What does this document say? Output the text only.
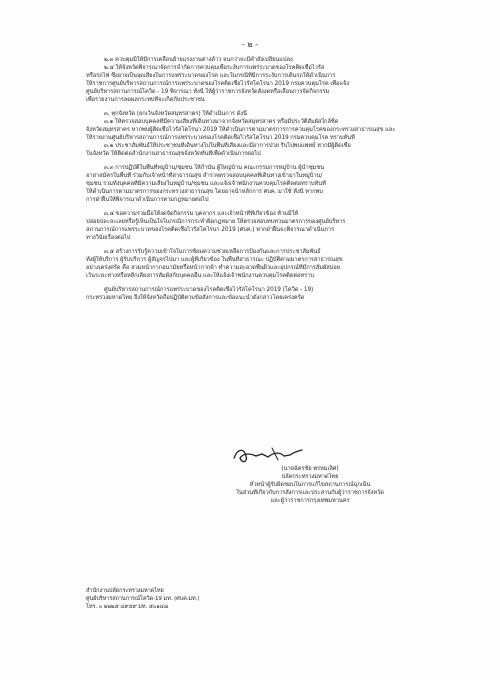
- ๒ -
๒.๓ ควบคุมมิให้มีการเคลื่อนย้ายแรงงานต่างด้าว จนกว่าจะมีคำสั่งเปลี่ยนแปลง
๒.๔ ให้จังหวัดพิจารณาจัดการจำกัดการควบคุมเพื่อระงับการแพร่ระบาดของโรคติดเชื้อไวรัส
หรือรถไฟ ซึ่งอาจเป็นจุดเสี่ยงในการแพร่ระบาดของโรค และในกรณีที่มีการระงับการเดินรถให้ดำเนินการ
ให้ราชการศูนย์บริหารสถานการณ์การแพร่ระบาดของโรคติดเชื้อไวรัสโคโรนา 2019 กรมควบคุมโรค เพื่อแจ้ง
ศูนย์บริหารสถานการณ์โควิด - 19 พิจารณา ทั้งนี้ ให้ผู้ว่าราชการจังหวัดสั่งงดหรือเลื่อนการจัดกิจกรรม
เพื่อรายงานการลดผลกระทบที่จะเกิดกับประชาชน
๓. ทุกจังหวัด (ยกเว้นจังหวัดสมุทรสาคร) ให้ดำเนินการ ดังนี้
๓.๑ ให้ตรวจสอบบุคคลที่มีความเสี่ยงที่เดินทางมาจากจังหวัดสมุทรสาคร หรือมีประวัติสัมผัสใกล้ชิด
จังหวัดสมุทรสาคร หากพบผู้ติดเชื้อไวรัสโคโรนา 2019 ให้ดำเนินการตามมาตรการการควบคุมโรคของกระทรวงสาธารณสุข และ
ให้รายงานศูนย์บริหารสถานการณ์การแพร่ระบาดของโรคติดเชื้อไวรัสโคโรนา 2019 กรมควบคุมโรค ทราบทันที
๓.๒ ประชาสัมพันธ์ให้ประชาชนที่เดินทางไปในพื้นที่เสี่ยงและมีอาการป่วย รีบไปพบแพทย์ หากมีผู้ติดเชื้อ
ในจังหวัด ให้ติดต่อสำนักงานสาธารณสุขจังหวัดทันทีเพื่อดำเนินการต่อไป
๓.๓ การปฏิบัติในพื้นที่หมู่บ้าน/ชุมชน ให้กำนัน ผู้ใหญ่บ้าน คณะกรรมการหมู่บ้าน ผู้นำชุมชน
อาสาสมัครในพื้นที่ ร่วมกับเจ้าหน้าที่สาธารณสุข สำรวจตรวจสอบบุคคลที่เดินทางเข้ามาในหมู่บ้าน/
ชุมชน รวมทั้งบุคคลที่มีความเสี่ยงในหมู่บ้าน/ชุมชน และแจ้งเจ้าพนักงานควบคุมโรคติดต่อทราบทันที
ให้ดำเนินการตามมาตรการของกระทรวงสาธารณสุข โดยอาจนำหลักการ ศบค. มาใช้ ทั้งนี้ หากพบ
การฝ่าฝืนให้พิจารณาดำเนินการตามกฎหมายต่อไป
๓.๔ ขอความร่วมมือให้งดจัดกิจกรรม บุคลากร และเจ้าหน้าที่ที่เกี่ยวข้อง ห้ามมิให้
ปล่อยปละละเลยหรือรู้เห็นเป็นใจในกรณีการกระทำผิดกฎหมาย ให้ตรวจสอบทบทวนมาตรการของศูนย์บริหาร
สถานการณ์การแพร่ระบาดของโรคติดเชื้อไวรัสโคโรนา 2019 (ศบค.) หากฝ่าฝืนจะพิจารณาดำเนินการ
ทางวินัยเรื่องต่อไป
๓.๕ สร้างการรับรู้ความเข้าใจในการซ้อมความช่วยเหลือการป้องกันและการประชาสัมพันธ์
ทั้งผู้ให้บริการ ผู้รับบริการ ผู้สัญจรไปมา และผู้ที่เกี่ยวข้อง ในพื้นที่สาธารณะ ปฏิบัติตามมาตรการสาธารณสุข
อย่างเคร่งครัด คือ สวมหน้ากากอนามัยหรือหน้ากากผ้า ทำความสะอาดพื้นผิวและอุปกรณ์ที่มีการสัมผัสบ่อย
เว้นระยะห่างหรือหลีกเลี่ยงการสัมผัสกับบุคคลอื่น และให้แจ้งเจ้าพนักงานควบคุมโรคติดต่อทราบ
ศูนย์บริหารสถานการณ์การแพร่ระบาดของโรคติดเชื้อไวรัสโคโรนา 2019 (โควิด - 19)
กระทรวงมหาดไทย จึงให้จังหวัดถือปฏิบัติตามข้อสั่งการและข้อแนะนำดังกล่าวโดยเคร่งครัด
(นายฉัตรชัย พรหมเลิศ)
ปลัดกระทรวงมหาดไทย
หัวหน้าผู้รับผิดชอบในการแก้ไขสถานการณ์ฉุกเฉิน
ในส่วนที่เกี่ยวกับการสั่งการและประสานกับผู้ว่าราชการจังหวัด
และผู้ว่าราชการกรุงเทพมหานคร
สำนักงานปลัดกระทรวงมหาดไทย
ศูนย์บริหารสถานการณ์โควิด-19 มท. (ศบค.มท.)
โทร. ๐ ๒๒๒๕ ๔๙๕๙ มท. ๕๐๑๔๗
